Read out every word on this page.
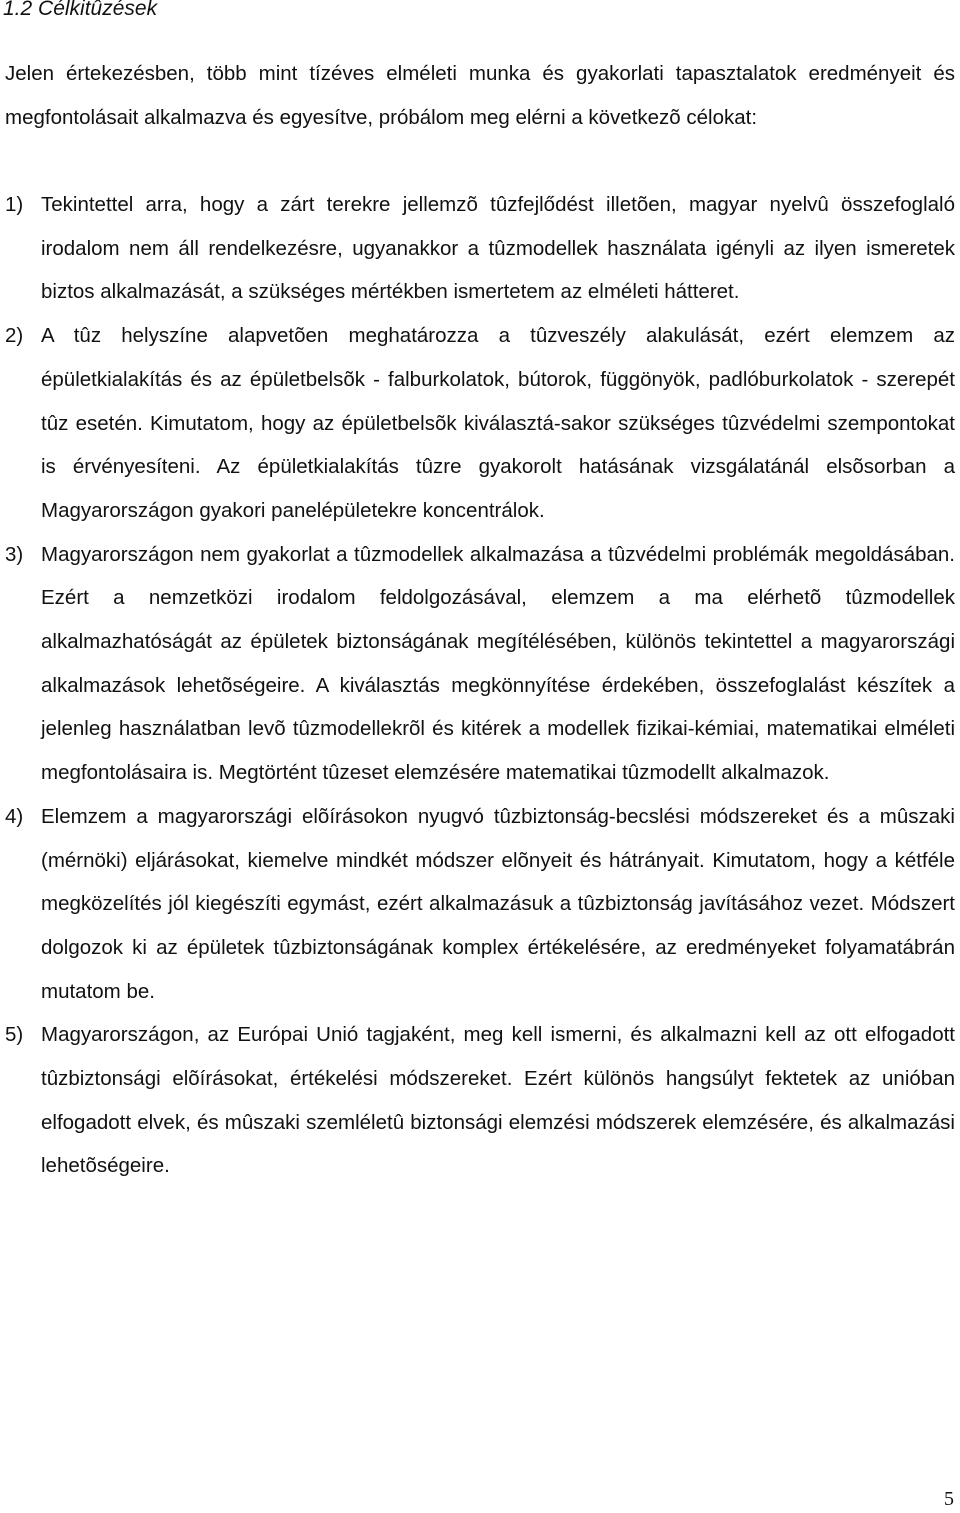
1.2 Célkitûzések

Jelen értekezésben, több mint tízéves elméleti munka és gyakorlati tapasztalatok eredményeit és megfontolásait alkalmazva és egyesítve, próbálom meg elérni a következõ célokat:

1) Tekintettel arra, hogy a zárt terekre jellemzõ tûzfejlődést illetõen, magyar nyelvû összefoglaló irodalom nem áll rendelkezésre, ugyanakkor a tûzmodellek használata igényli az ilyen ismeretek biztos alkalmazását, a szükséges mértékben ismertetem az elméleti hátteret.
2) A tûz helyszíne alapvetõen meghatározza a tûzveszély alakulását, ezért elemzem az épületkialakítás és az épületbelsõk - falburkolatok, bútorok, függönyök, padlóburkolatok - szerepét tûz esetén. Kimutatom, hogy az épületbelsõk kiválasztá-sakor szükséges tûzvédelmi szempontokat is érvényesíteni. Az épületkialakítás tûzre gyakorolt hatásának vizsgálatánál elsõsorban a Magyarországon gyakori panelépületekre koncentrálok.
3) Magyarországon nem gyakorlat a tûzmodellek alkalmazása a tûzvédelmi problémák megoldásában. Ezért a nemzetközi irodalom feldolgozásával, elemzem a ma elérhetõ tûzmodellek alkalmazhatóságát az épületek biztonságának megítélésében, különös tekintettel a magyarországi alkalmazások lehetõségeire. A kiválasztás megkönnyítése érdekében, összefoglalást készítek a jelenleg használatban levõ tûzmodellekrõl és kitérek a modellek fizikai-kémiai, matematikai elméleti megfontolásaira is. Megtörtént tûzeset elemzésére matematikai tûzmodellt alkalmazok.
4) Elemzem a magyarországi elõírásokon nyugvó tûzbiztonság-becslési módszereket és a mûszaki (mérnöki) eljárásokat, kiemelve mindkét módszer elõnyeit és hátrányait. Kimutatom, hogy a kétféle megközelítés jól kiegészíti egymást, ezért alkalmazásuk a tûzbiztonság javításához vezet. Módszert dolgozok ki az épületek tûzbiztonságának komplex értékelésére, az eredményeket folyamatábrán mutatom be.
5) Magyarországon, az Európai Unió tagjaként, meg kell ismerni, és alkalmazni kell az ott elfogadott tûzbiztonsági elõírásokat, értékelési módszereket. Ezért különös hangsúlyt fektetek az unióban elfogadott elvek, és mûszaki szemléletû biztonsági elemzési módszerek elemzésére, és alkalmazási lehetõségeire.
5
